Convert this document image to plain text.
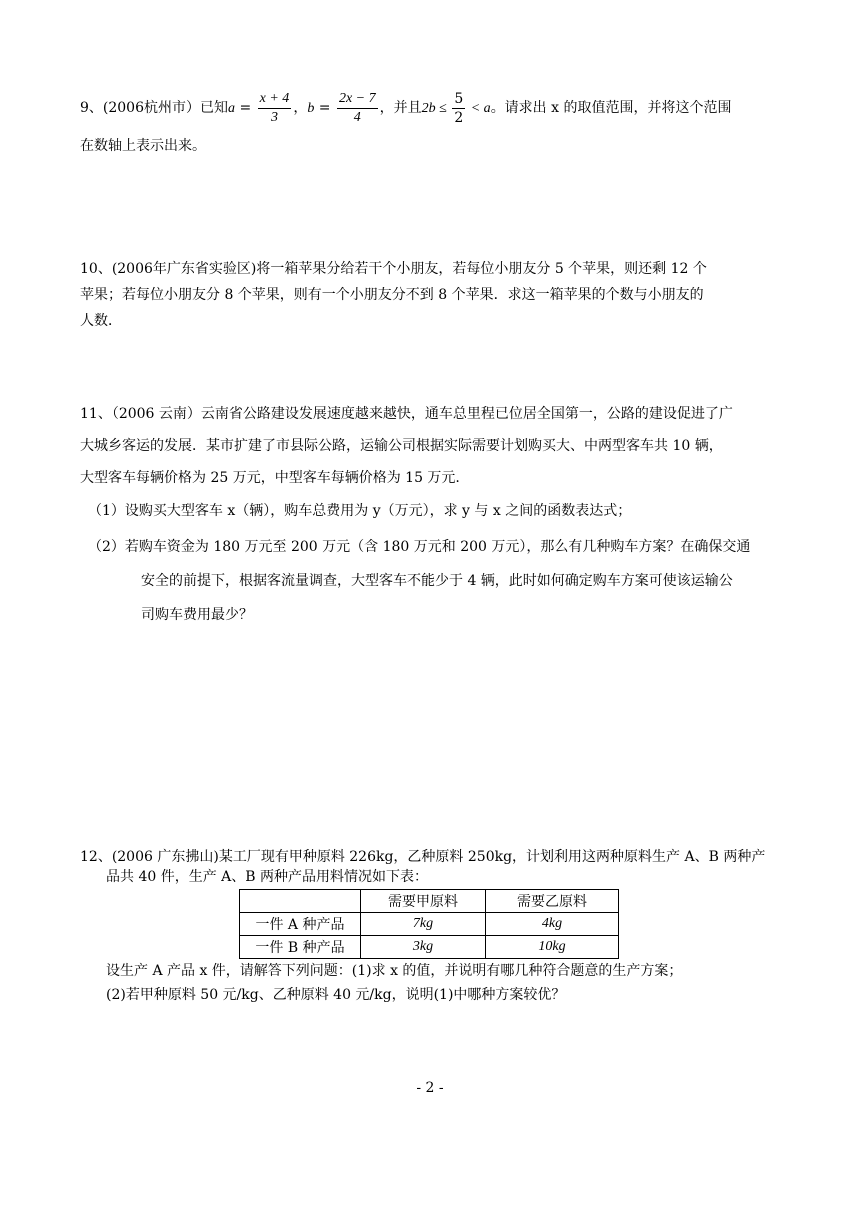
9、(2006杭州市）已知$a = \frac{x + 4}{3}$ ，$b = \frac{2x - 7}{4}$ ，并且$2b \le \frac{5}{2} < a$。请求出 x 的取值范围，并将这个范围
在数轴上表示出来。
10、(2006年广东省实验区)将一箱苹果分给若干个小朋友，若每位小朋友分 5 个苹果，则还剩 12 个
苹果；若每位小朋友分 8 个苹果，则有一个小朋友分不到 8 个苹果．求这一箱苹果的个数与小朋友的
人数．
11、（2006 云南）云南省公路建设发展速度越来越快，通车总里程已位居全国第一，公路的建设促进了广
大城乡客运的发展．某市扩建了市县际公路，运输公司根据实际需要计划购买大、中两型客车共 10 辆，
大型客车每辆价格为 25 万元，中型客车每辆价格为 15 万元.
（1）设购买大型客车 x（辆），购车总费用为 y（万元），求 y 与 x 之间的函数表达式；
（2）若购车资金为 180 万元至 200 万元（含 180 万元和 200 万元），那么有几种购车方案？在确保交通
安全的前提下，根据客流量调查，大型客车不能少于 4 辆，此时如何确定购车方案可使该运输公
司购车费用最少？
12、(2006 广东拂山)某工厂现有甲种原料 226kg，乙种原料 250kg，计划利用这两种原料生产 A、B 两种产
品共 40 件，生产 A、B 两种产品用料情况如下表：
	需要甲原料	需要乙原料
一件 A 种产品	7kg	4kg
一件 B 种产品	3kg	10kg
设生产 A 产品 x 件，请解答下列问题：(1)求 x 的值，并说明有哪几种符合题意的生产方案；
(2)若甲种原料 50 元/kg、乙种原料 40 元/kg，说明(1)中哪种方案较优？
- 2 -
